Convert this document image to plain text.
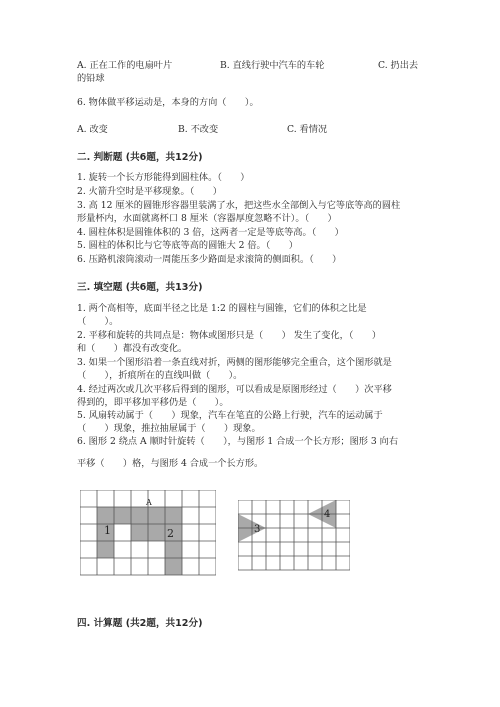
A. 正在工作的电扇叶片	B. 直线行驶中汽车的车轮	C. 扔出去
的铅球
6. 物体做平移运动是，本身的方向（　　）。
A. 改变	B. 不改变	C. 看情况
二. 判断题 (共6题，共12分)
1. 旋转一个长方形能得到圆柱体。（　　）
2. 火箭升空时是平移现象。（　　）
3. 高 12 厘米的圆锥形容器里装满了水，把这些水全部倒入与它等底等高的圆柱
形量杯内，水面就离杯口 8 厘米（容器厚度忽略不计）。（　　）
4. 圆柱体积是圆锥体积的 3 倍，这两者一定是等底等高。（　　）
5. 圆柱的体积比与它等底等高的圆锥大 2 倍。（　　）
6. 压路机滚筒滚动一周能压多少路面是求滚筒的侧面积。（　　）
三. 填空题 (共6题，共13分)
1. 两个高相等，底面半径之比是 1:2 的圆柱与圆锥，它们的体积之比是
（　　）。
2. 平移和旋转的共同点是：物体或图形只是（　　） 发生了变化，（　　）
和（　　）都没有改变化。
3. 如果一个图形沿着一条直线对折，两侧的图形能够完全重合，这个图形就是
（　　），折痕所在的直线叫做（　　）。
4. 经过两次或几次平移后得到的图形，可以看成是原图形经过（　　）次平移
得到的，即平移加平移仍是（　　）。
5. 风扇转动属于（　　）现象，汽车在笔直的公路上行驶，汽车的运动属于
（　　）现象，推拉抽屉属于（　　）现象。
6. 图形 2 绕点 A 顺时针旋转（　　），与图形 1 合成一个长方形；图形 3 向右
平移（　　）格，与图形 4 合成一个长方形。
1	2
A
3
4
四. 计算题 (共2题，共12分)
